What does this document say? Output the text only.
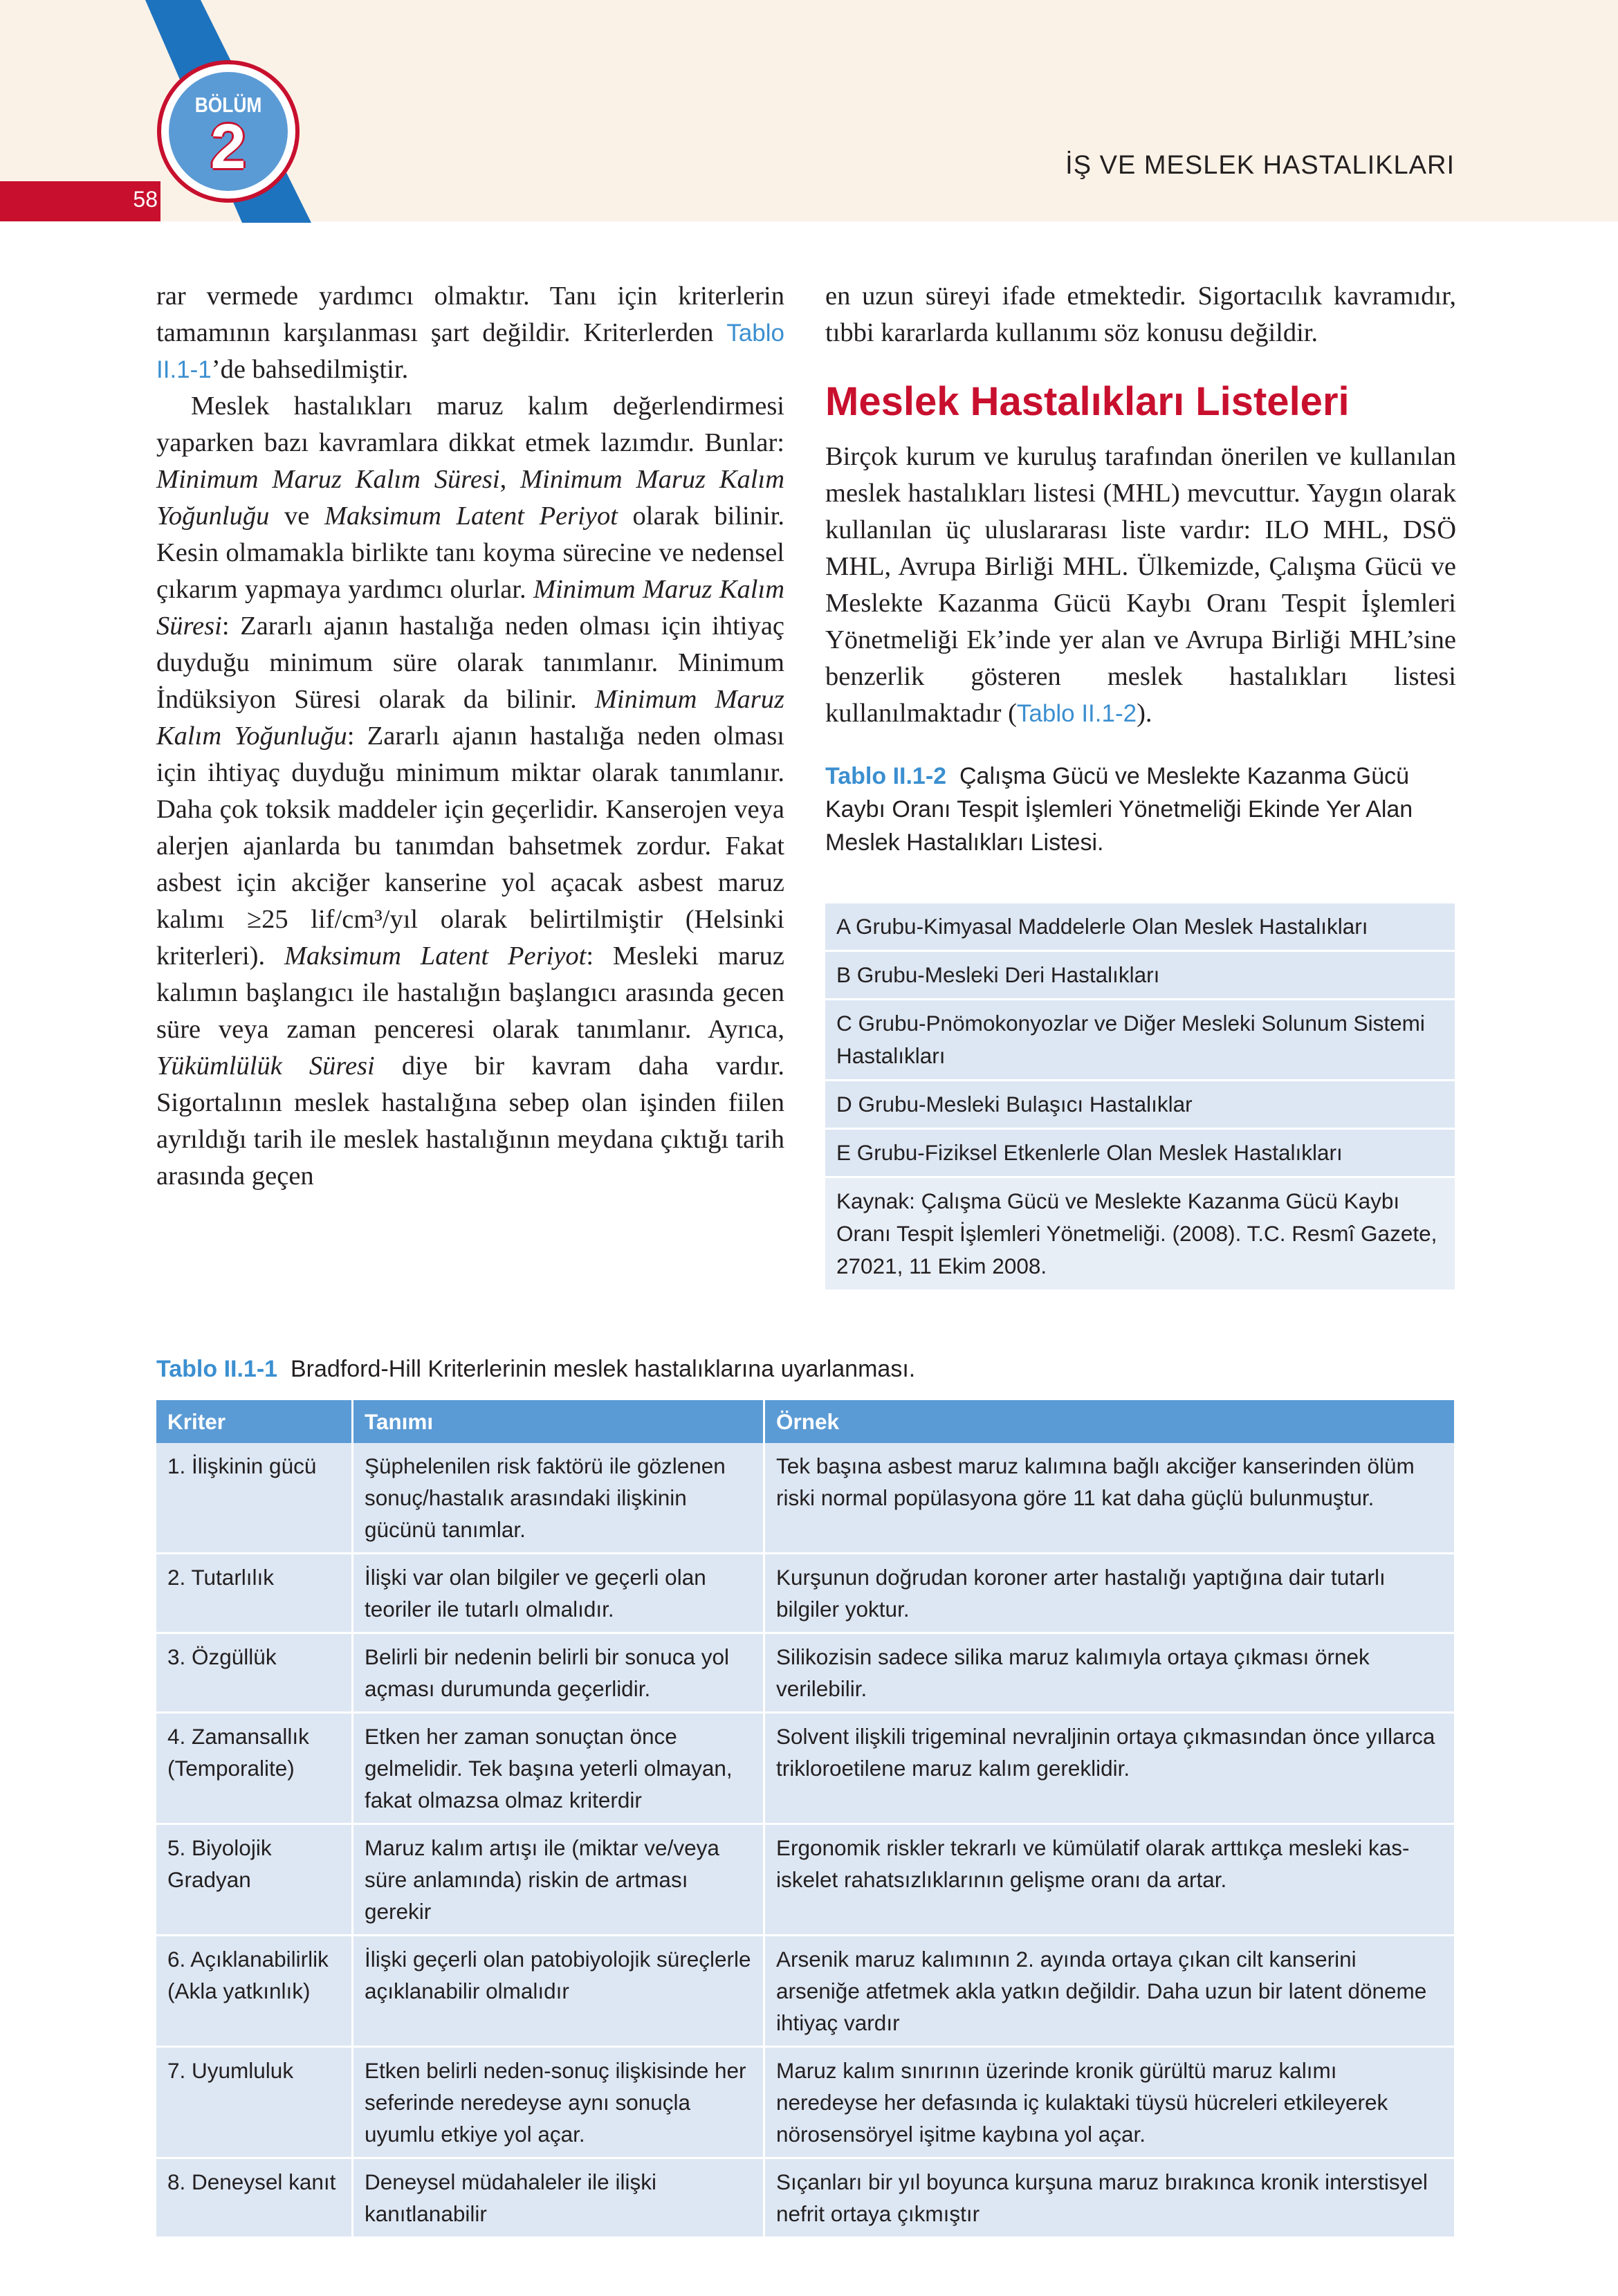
58
BÖLÜM
2	İŞ VE MESLEK HASTALIKLARI

rar vermede yardımcı olmaktır. Tanı için kriterlerin tamamının karşılanması şart değildir. Kriterlerden Tablo II.1-1’de bahsedilmiştir.

Meslek hastalıkları maruz kalım değerlendirmesi yaparken bazı kavramlara dikkat etmek lazımdır. Bunlar: Minimum Maruz Kalım Süresi, Minimum Maruz Kalım Yoğunluğu ve Maksimum Latent Periyot olarak bilinir. Kesin olmamakla birlikte tanı koyma sürecine ve nedensel çıkarım yapmaya yardımcı olurlar. Minimum Maruz Kalım Süresi: Zararlı ajanın hastalığa neden olması için ihtiyaç duyduğu minimum süre olarak tanımlanır. Minimum İndüksiyon Süresi olarak da bilinir. Minimum Maruz Kalım Yoğunluğu: Zararlı ajanın hastalığa neden olması için ihtiyaç duyduğu minimum miktar olarak tanımlanır. Daha çok toksik maddeler için geçerlidir. Kanserojen veya alerjen ajanlarda bu tanımdan bahsetmek zordur. Fakat asbest için akciğer kanserine yol açacak asbest maruz kalımı ≥25 lif/cm³/yıl olarak belirtilmiştir (Helsinki kriterleri). Maksimum Latent Periyot: Mesleki maruz kalımın başlangıcı ile hastalığın başlangıcı arasında gecen süre veya zaman penceresi olarak tanımlanır. Ayrıca, Yükümlülük Süresi diye bir kavram daha vardır. Sigortalının meslek hastalığına sebep olan işinden fiilen ayrıldığı tarih ile meslek hastalığının meydana çıktığı tarih arasında geçen

en uzun süreyi ifade etmektedir. Sigortacılık kavramıdır, tıbbi kararlarda kullanımı söz konusu değildir.

Meslek Hastalıkları Listeleri

Birçok kurum ve kuruluş tarafından önerilen ve kullanılan meslek hastalıkları listesi (MHL) mevcuttur. Yaygın olarak kullanılan üç uluslararası liste vardır: ILO MHL, DSÖ MHL, Avrupa Birliği MHL. Ülkemizde, Çalışma Gücü ve Meslekte Kazanma Gücü Kaybı Oranı Tespit İşlemleri Yönetmeliği Ek’inde yer alan ve Avrupa Birliği MHL’sine benzerlik gösteren meslek hastalıkları listesi kullanılmaktadır (Tablo II.1-2).

Tablo II.1-2 Çalışma Gücü ve Meslekte Kazanma Gücü Kaybı Oranı Tespit İşlemleri Yönetmeliği Ekinde Yer Alan Meslek Hastalıkları Listesi.
A Grubu-Kimyasal Maddelerle Olan Meslek Hastalıkları
B Grubu-Mesleki Deri Hastalıkları
C Grubu-Pnömokonyozlar ve Diğer Mesleki Solunum Sistemi Hastalıkları
D Grubu-Mesleki Bulaşıcı Hastalıklar
E Grubu-Fiziksel Etkenlerle Olan Meslek Hastalıkları
Kaynak: Çalışma Gücü ve Meslekte Kazanma Gücü Kaybı Oranı Tespit İşlemleri Yönetmeliği. (2008). T.C. Resmî Gazete, 27021, 11 Ekim 2008.
Tablo II.1-1 Bradford-Hill Kriterlerinin meslek hastalıklarına uyarlanması.
Kriter	Tanımı	Örnek
1. İlişkinin gücü	Şüphelenilen risk faktörü ile gözlenen sonuç/hastalık arasındaki ilişkinin gücünü tanımlar.	Tek başına asbest maruz kalımına bağlı akciğer kanserinden ölüm riski normal popülasyona göre 11 kat daha güçlü bulunmuştur.
2. Tutarlılık	İlişki var olan bilgiler ve geçerli olan teoriler ile tutarlı olmalıdır.	Kurşunun doğrudan koroner arter hastalığı yaptığına dair tutarlı bilgiler yoktur.
3. Özgüllük	Belirli bir nedenin belirli bir sonuca yol açması durumunda geçerlidir.	Silikozisin sadece silika maruz kalımıyla ortaya çıkması örnek verilebilir.
4. Zamansallık (Temporalite)	Etken her zaman sonuçtan önce gelmelidir. Tek başına yeterli olmayan, fakat olmazsa olmaz kriterdir	Solvent ilişkili trigeminal nevraljinin ortaya çıkmasından önce yıllarca trikloroetilene maruz kalım gereklidir.
5. Biyolojik Gradyan	Maruz kalım artışı ile (miktar ve/veya süre anlamında) riskin de artması gerekir	Ergonomik riskler tekrarlı ve kümülatif olarak arttıkça mesleki kas-iskelet rahatsızlıklarının gelişme oranı da artar.
6. Açıklanabilirlik (Akla yatkınlık)	İlişki geçerli olan patobiyolojik süreçlerle açıklanabilir olmalıdır	Arsenik maruz kalımının 2. ayında ortaya çıkan cilt kanserini arseniğe atfetmek akla yatkın değildir. Daha uzun bir latent döneme ihtiyaç vardır
7. Uyumluluk	Etken belirli neden-sonuç ilişkisinde her seferinde neredeyse aynı sonuçla uyumlu etkiye yol açar.	Maruz kalım sınırının üzerinde kronik gürültü maruz kalımı neredeyse her defasında iç kulaktaki tüysü hücreleri etkileyerek nörosensöryel işitme kaybına yol açar.
8. Deneysel kanıt	Deneysel müdahaleler ile ilişki kanıtlanabilir	Sıçanları bir yıl boyunca kurşuna maruz bırakınca kronik interstisyel nefrit ortaya çıkmıştır
